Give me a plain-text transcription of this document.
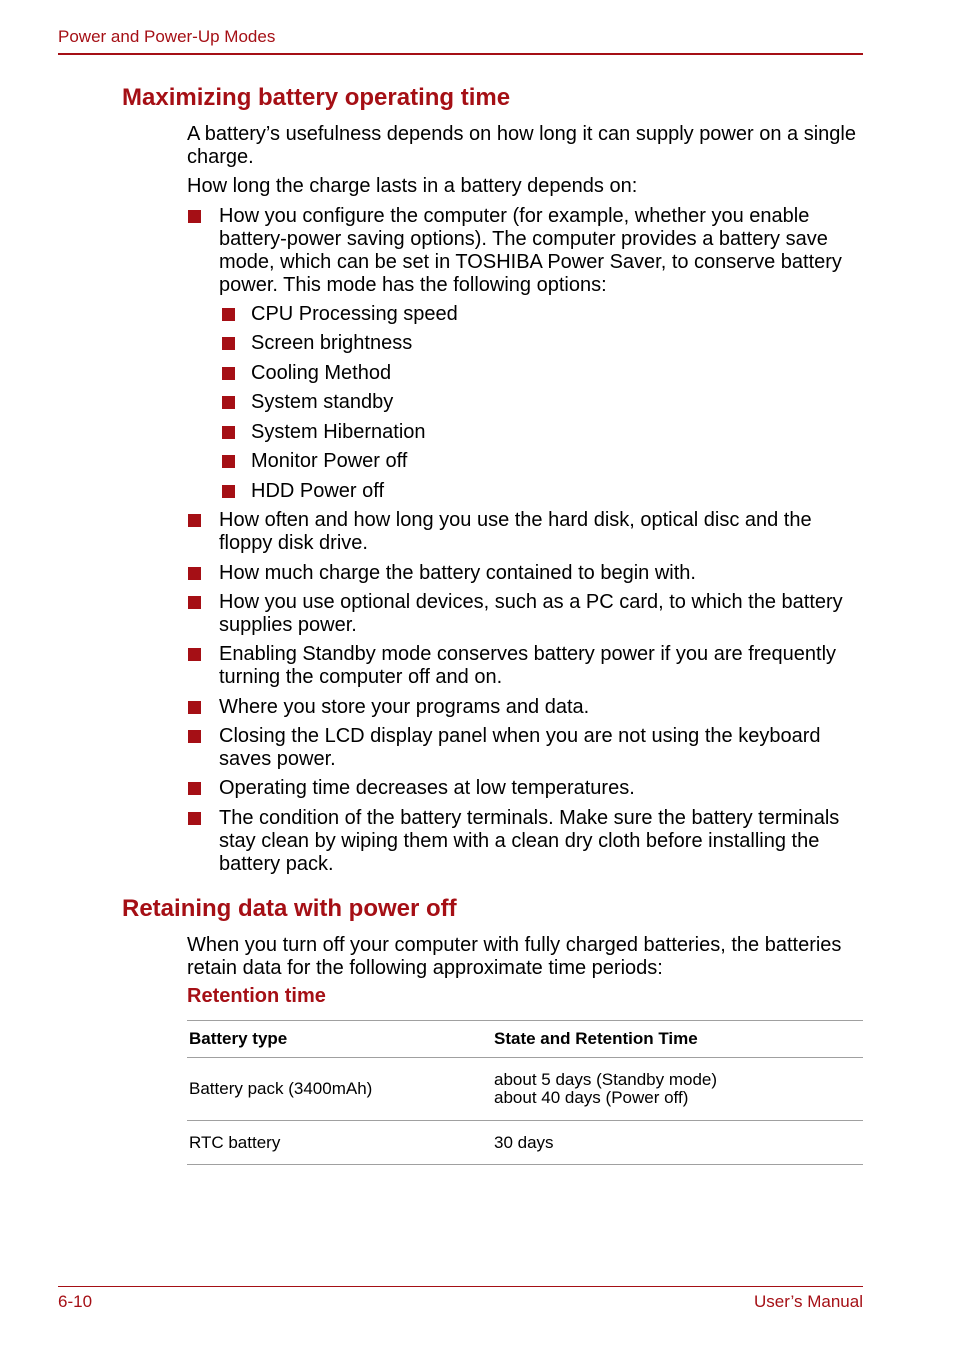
Power and Power-Up Modes
Maximizing battery operating time

A battery’s usefulness depends on how long it can supply power on a single charge.

How long the charge lasts in a battery depends on:

How you configure the computer (for example, whether you enable battery-power saving options). The computer provides a battery save mode, which can be set in TOSHIBA Power Saver, to conserve battery power. This mode has the following options:
CPU Processing speed
Screen brightness
Cooling Method
System standby
System Hibernation
Monitor Power off
HDD Power off
How often and how long you use the hard disk, optical disc and the floppy disk drive.
How much charge the battery contained to begin with.
How you use optional devices, such as a PC card, to which the battery supplies power.
Enabling Standby mode conserves battery power if you are frequently turning the computer off and on.
Where you store your programs and data.
Closing the LCD display panel when you are not using the keyboard saves power.
Operating time decreases at low temperatures.
The condition of the battery terminals. Make sure the battery terminals stay clean by wiping them with a clean dry cloth before installing the battery pack.
Retaining data with power off

When you turn off your computer with fully charged batteries, the batteries retain data for the following approximate time periods:

Retention time
Battery type	State and Retention Time
Battery pack (3400mAh)	about 5 days (Standby mode)
about 40 days (Power off)

RTC battery	30 days
6-10	User’s Manual
